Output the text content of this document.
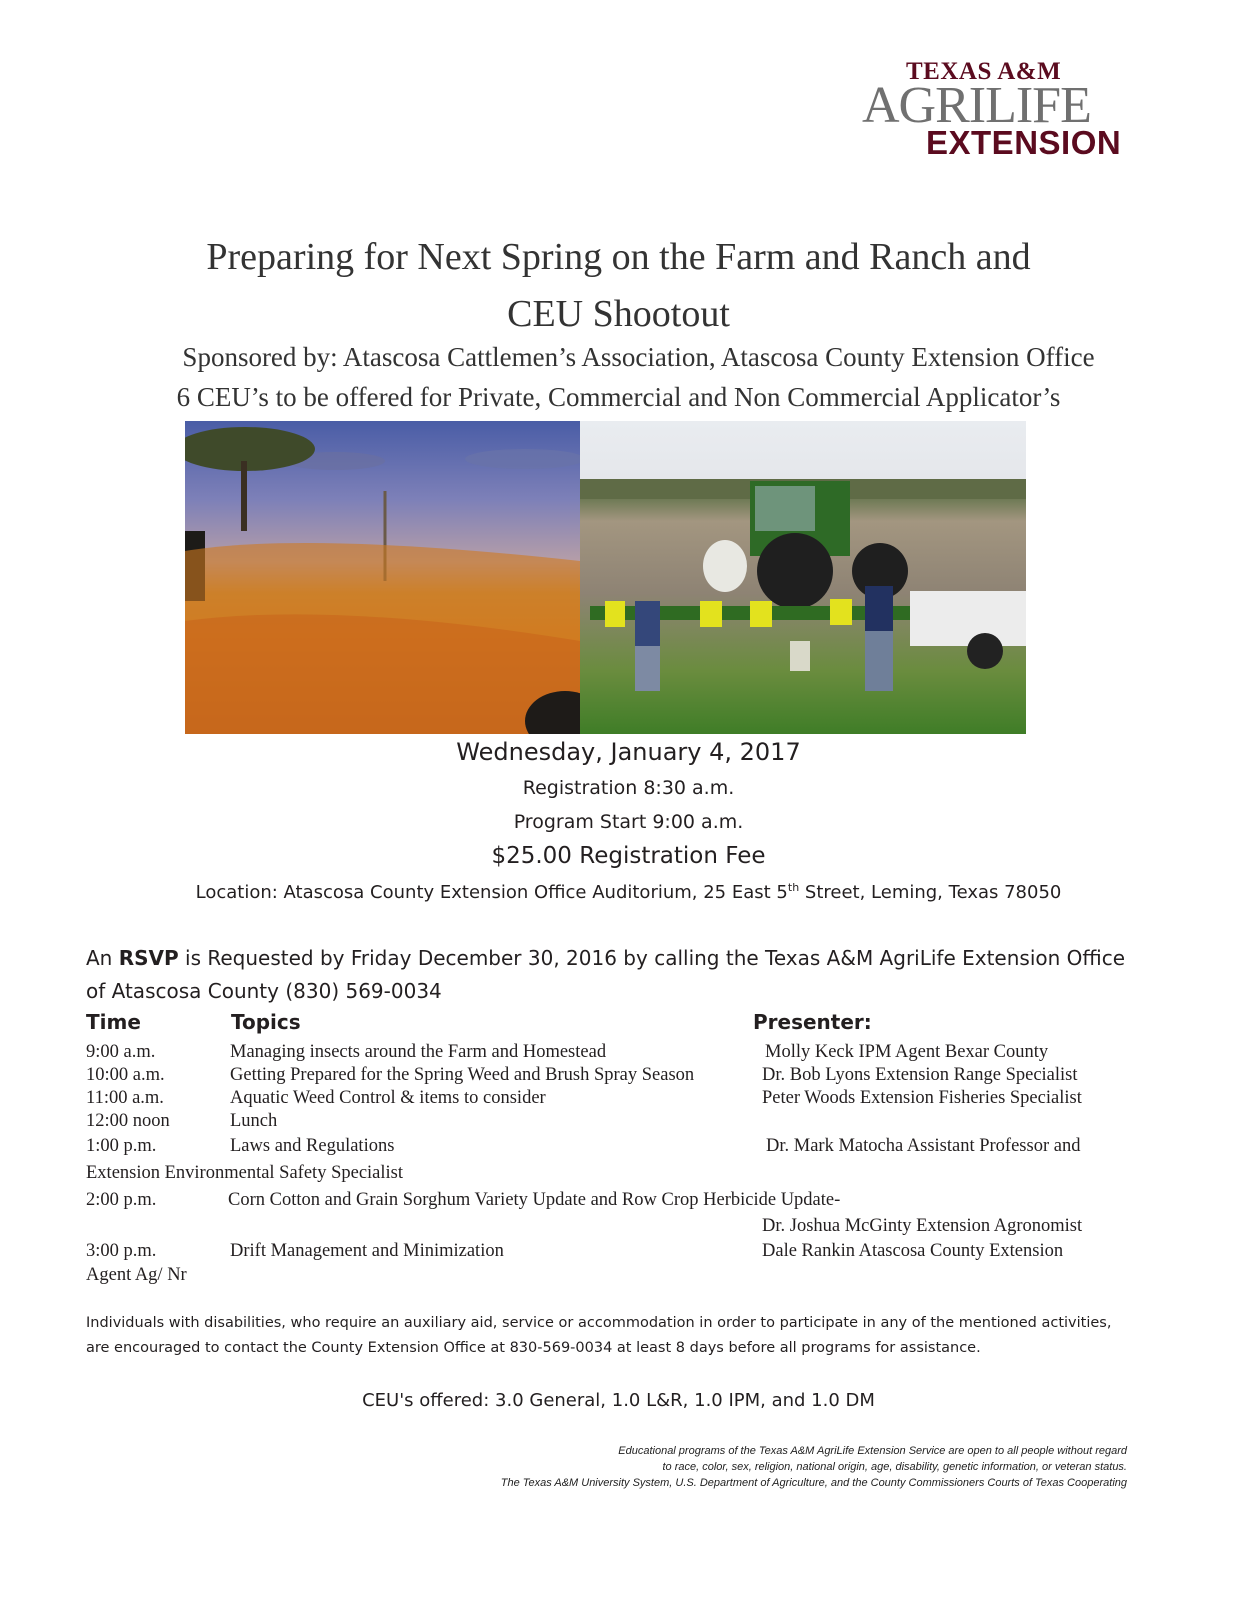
TEXAS A&M
AGRILIFE
EXTENSION
Preparing for Next Spring on the Farm and Ranch and
CEU Shootout
Sponsored by: Atascosa Cattlemen’s Association, Atascosa County Extension Office
6 CEU’s to be offered for Private, Commercial and Non Commercial Applicator’s
Wednesday, January 4, 2017
Registration 8:30 a.m.
Program Start 9:00 a.m.
$25.00 Registration Fee
Location: Atascosa County Extension Office Auditorium, 25 East 5th Street, Leming, Texas 78050
An RSVP is Requested by Friday December 30, 2016 by calling the Texas A&M AgriLife Extension Office
of Atascosa County (830) 569-0034
Time	Topics	Presenter:
9:00 a.m.	Managing insects around the Farm and Homestead	Molly Keck IPM Agent Bexar County
10:00 a.m.	Getting Prepared for the Spring Weed and Brush Spray Season	Dr. Bob Lyons Extension Range Specialist
11:00 a.m.	Aquatic Weed Control & items to consider	Peter Woods Extension Fisheries Specialist
12:00 noon	Lunch
1:00 p.m.	Laws and Regulations	Dr. Mark Matocha Assistant Professor and
Extension Environmental Safety Specialist
2:00 p.m.	Corn Cotton and Grain Sorghum Variety Update and Row Crop Herbicide Update-
Dr. Joshua McGinty Extension Agronomist
3:00 p.m.	Drift Management and Minimization	Dale Rankin Atascosa County Extension
Agent Ag/ Nr
Individuals with disabilities, who require an auxiliary aid, service or accommodation in order to participate in any of the mentioned activities,
are encouraged to contact the County Extension Office at 830-569-0034 at least 8 days before all programs for assistance.
CEU's offered: 3.0 General, 1.0 L&R, 1.0 IPM, and 1.0 DM
Educational programs of the Texas A&M AgriLife Extension Service are open to all people without regard
to race, color, sex, religion, national origin, age, disability, genetic information, or veteran status.
The Texas A&M University System, U.S. Department of Agriculture, and the County Commissioners Courts of Texas Cooperating
